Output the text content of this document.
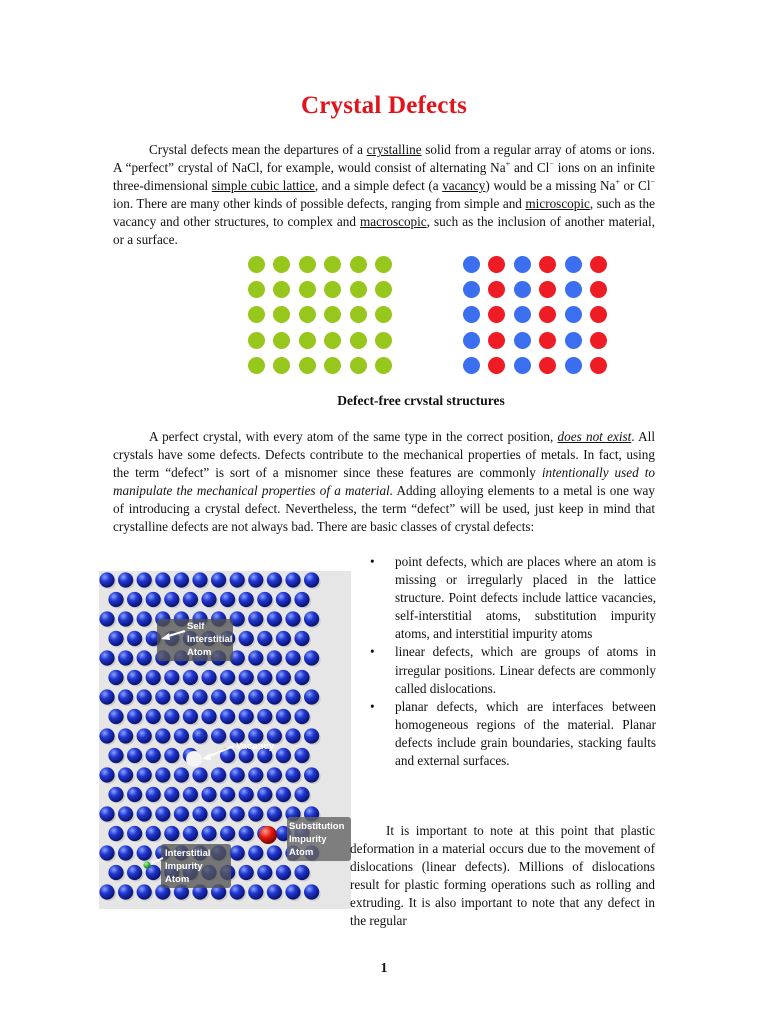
Crystal Defects

Crystal defects mean the departures of a crystalline solid from a regular array of atoms or ions. A “perfect” crystal of NaCl, for example, would consist of alternating Na+ and Cl− ions on an infinite three-dimensional simple cubic lattice, and a simple defect (a vacancy) would be a missing Na+ or Cl− ion. There are many other kinds of possible defects, ranging from simple and microscopic, such as the vacancy and other structures, to complex and macroscopic, such as the inclusion of another material, or a surface.

Defect-free crvstal structures

A perfect crystal, with every atom of the same type in the correct position, does not exist. All crystals have some defects. Defects contribute to the mechanical properties of metals. In fact, using the term “defect” is sort of a misnomer since these features are commonly intentionally used to manipulate the mechanical properties of a material. Adding alloying elements to a metal is one way of introducing a crystal defect. Nevertheless, the term “defect” will be used, just keep in mind that crystalline defects are not always bad. There are basic classes of crystal defects:

Self
Interstitial
Atom
Vacancy
Substitution
Impurity
Atom
Interstitial
Impurity
Atom
• point defects, which are places where an atom is missing or irregularly placed in the lattice structure. Point defects include lattice vacancies, self-interstitial atoms, substitution impurity atoms, and interstitial impurity atoms
• linear defects, which are groups of atoms in irregular positions. Linear defects are commonly called dislocations.
• planar defects, which are interfaces between homogeneous regions of the material. Planar defects include grain boundaries, stacking faults and external surfaces.

It is important to note at this point that plastic deformation in a material occurs due to the movement of dislocations (linear defects). Millions of dislocations result for plastic forming operations such as rolling and extruding. It is also important to note that any defect in the regular

1
